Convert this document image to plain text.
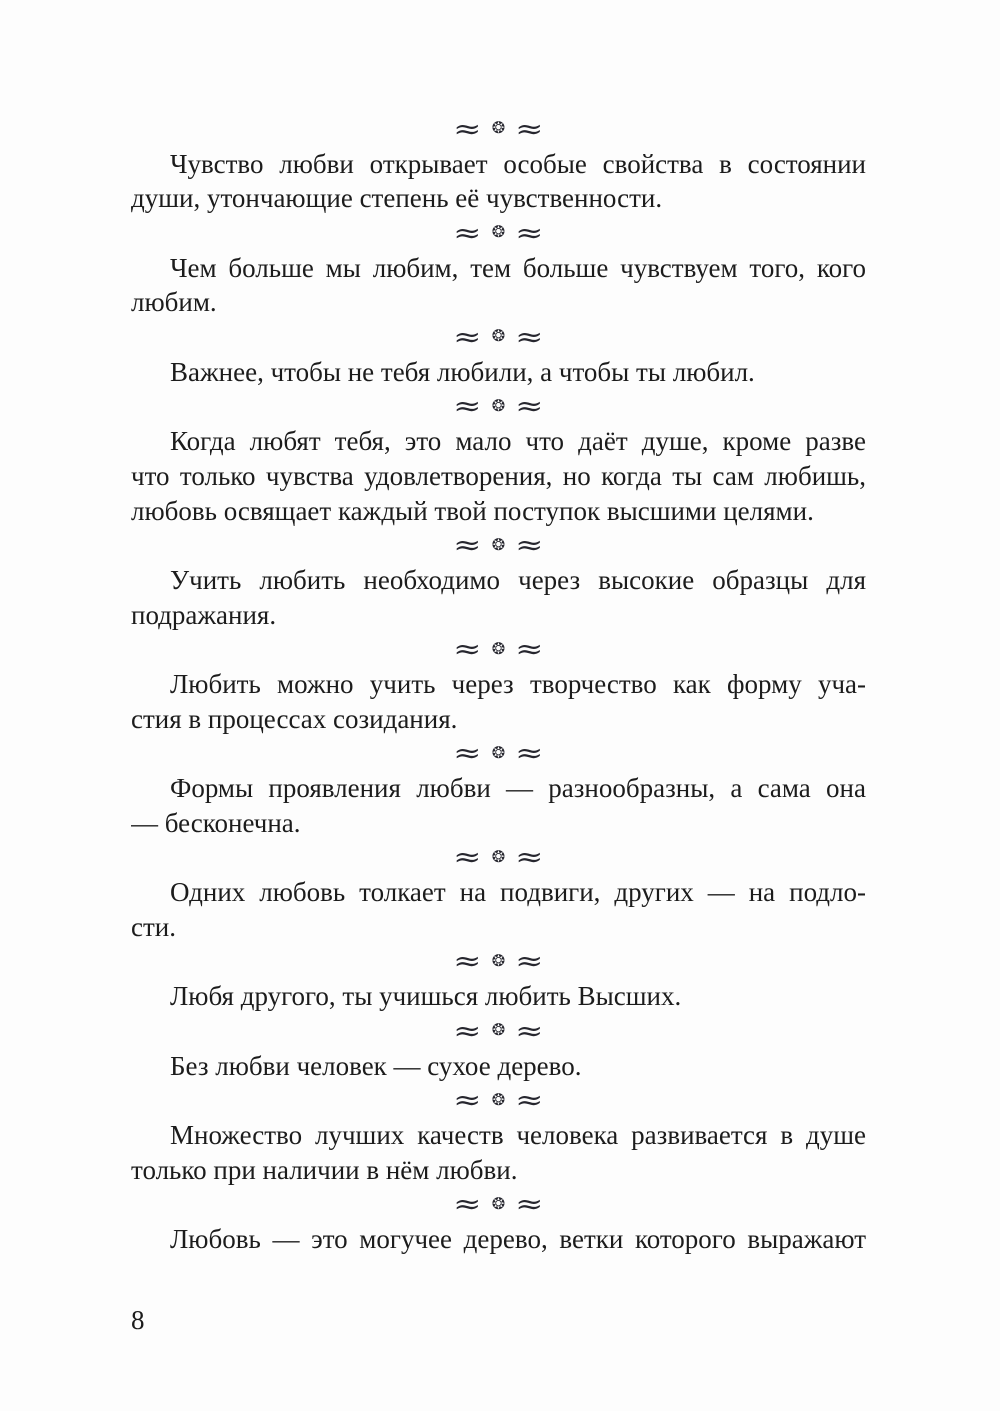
≈ ❂ ≈
Чувство любви открывает особые свойства в состоянии
души, утончающие степень её чувственности.
≈ ❂ ≈
Чем больше мы любим, тем больше чувствуем того, кого
любим.
≈ ❂ ≈
Важнее, чтобы не тебя любили, а чтобы ты любил.
≈ ❂ ≈
Когда любят тебя, это мало что даёт душе, кроме разве
что только чувства удовлетворения, но когда ты сам любишь,
любовь освящает каждый твой поступок высшими целями.
≈ ❂ ≈
Учить любить необходимо через высокие образцы для
подражания.
≈ ❂ ≈
Любить можно учить через творчество как форму уча-
стия в процессах созидания.
≈ ❂ ≈
Формы проявления любви — разнообразны, а сама она
— бесконечна.
≈ ❂ ≈
Одних любовь толкает на подвиги, других — на подло-
сти.
≈ ❂ ≈
Любя другого, ты учишься любить Высших.
≈ ❂ ≈
Без любви человек — сухое дерево.
≈ ❂ ≈
Множество лучших качеств человека развивается в душе
только при наличии в нём любви.
≈ ❂ ≈
Любовь — это могучее дерево, ветки которого выражают
8
